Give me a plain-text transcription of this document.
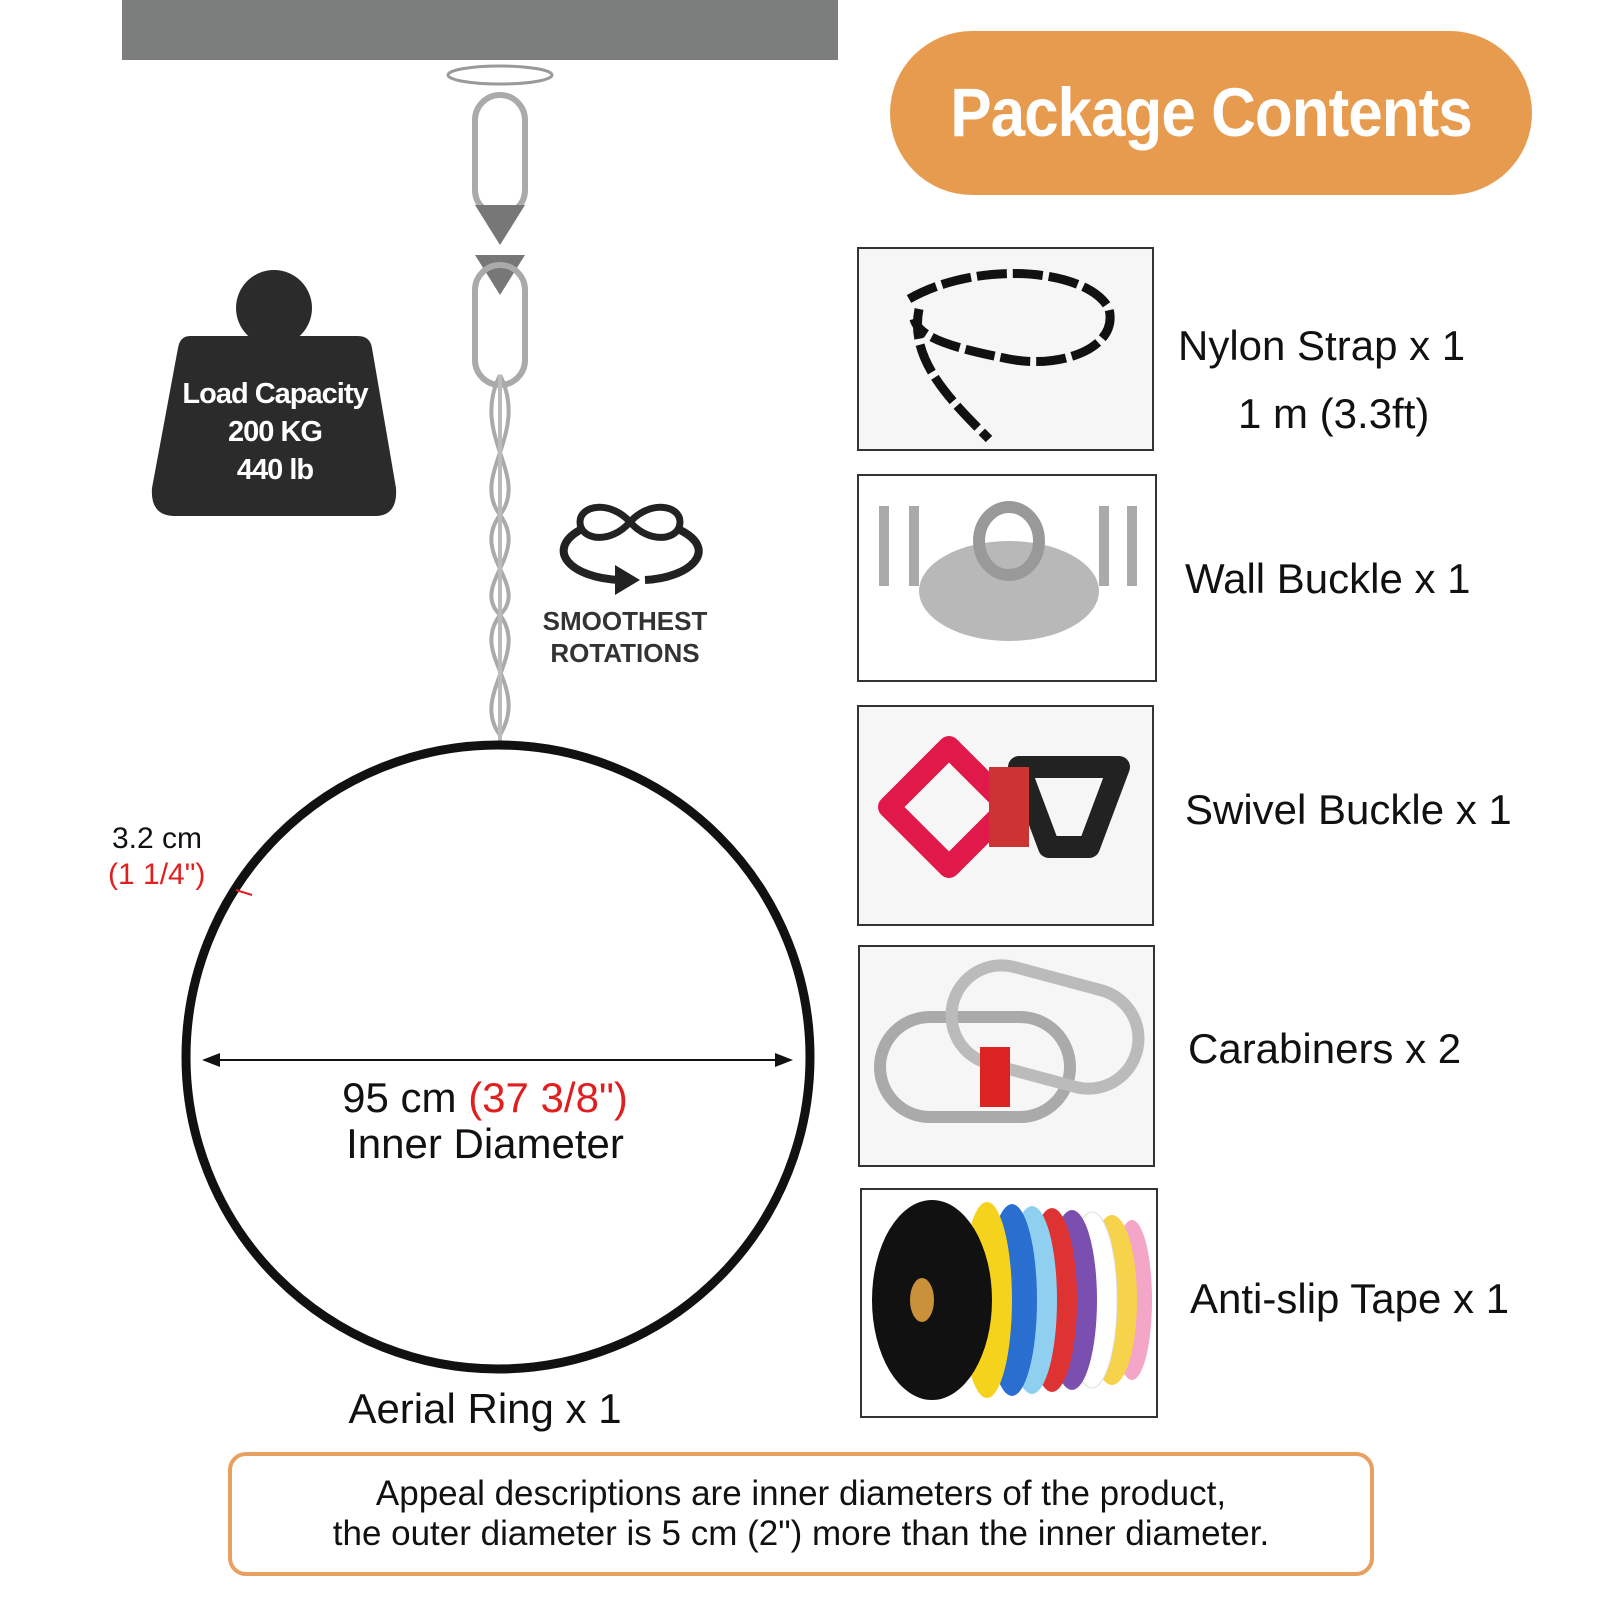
Package Contents
Load Capacity
200 KG
440 lb
SMOOTHEST
ROTATIONS
3.2 cm
(1 1/4")
95 cm (37 3/8")
Inner Diameter
Aerial Ring x 1
Nylon Strap x 1
1 m (3.3ft)
Wall Buckle x 1
Swivel Buckle x 1
Carabiners x 2
Anti-slip Tape x 1
Appeal descriptions are inner diameters of the product,
the outer diameter is 5 cm (2") more than the inner diameter.
